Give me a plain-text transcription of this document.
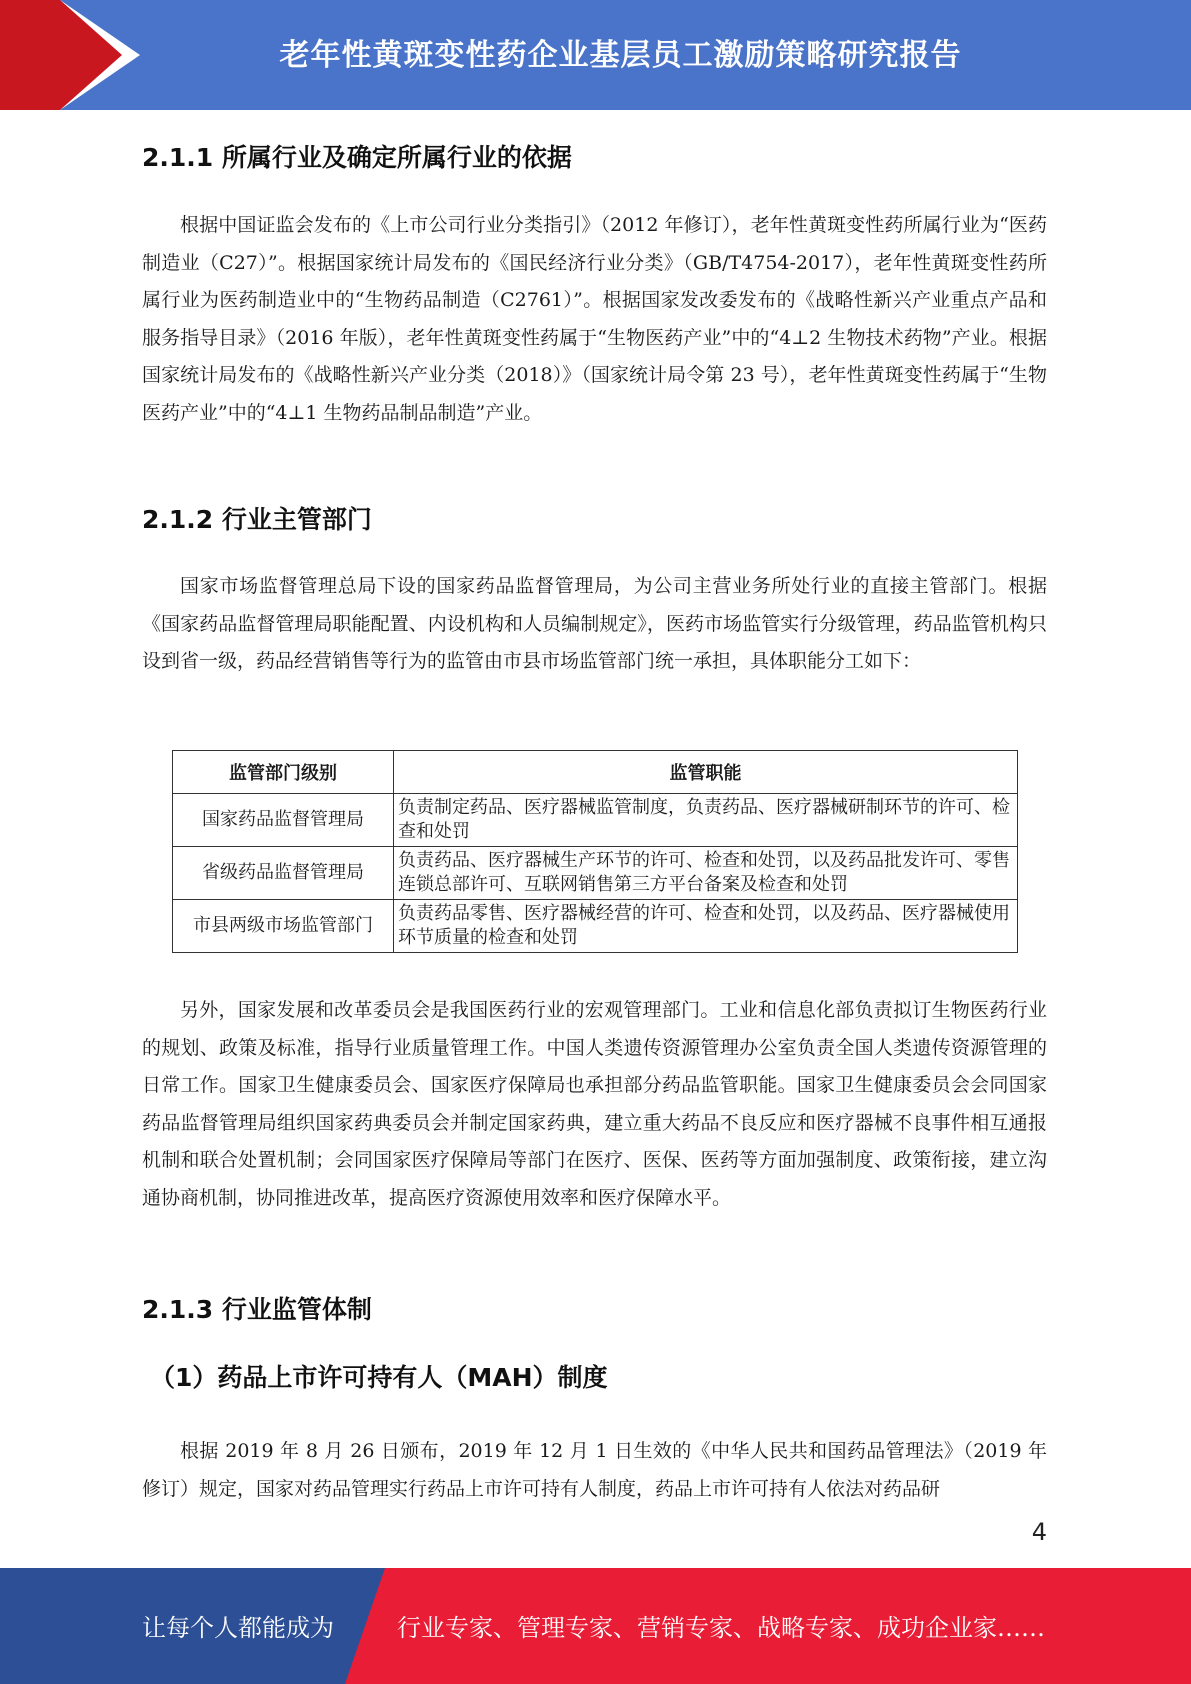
老年性黄斑变性药企业基层员工激励策略研究报告
2.1.1 所属行业及确定所属行业的依据

根据中国证监会发布的《上市公司行业分类指引》（2012 年修订），老年性黄斑变性药所属行业为“医药制造业（C27）”。根据国家统计局发布的《国民经济行业分类》（GB/T4754-2017），老年性黄斑变性药所属行业为医药制造业中的“生物药品制造（C2761）”。根据国家发改委发布的《战略性新兴产业重点产品和服务指导目录》（2016 年版），老年性黄斑变性药属于“生物医药产业”中的“4⊥2 生物技术药物”产业。根据国家统计局发布的《战略性新兴产业分类（2018）》（国家统计局令第 23 号），老年性黄斑变性药属于“生物医药产业”中的“4⊥1 生物药品制品制造”产业。

2.1.2 行业主管部门

国家市场监督管理总局下设的国家药品监督管理局，为公司主营业务所处行业的直接主管部门。根据《国家药品监督管理局职能配置、内设机构和人员编制规定》，医药市场监管实行分级管理，药品监管机构只设到省一级，药品经营销售等行为的监管由市县市场监管部门统一承担，具体职能分工如下：

监管部门级别	监管职能
国家药品监督管理局	负责制定药品、医疗器械监管制度，负责药品、医疗器械研制环节的许可、检查和处罚
省级药品监督管理局	负责药品、医疗器械生产环节的许可、检查和处罚，以及药品批发许可、零售连锁总部许可、互联网销售第三方平台备案及检查和处罚
市县两级市场监管部门	负责药品零售、医疗器械经营的许可、检查和处罚，以及药品、医疗器械使用环节质量的检查和处罚

另外，国家发展和改革委员会是我国医药行业的宏观管理部门。工业和信息化部负责拟订生物医药行业的规划、政策及标准，指导行业质量管理工作。中国人类遗传资源管理办公室负责全国人类遗传资源管理的日常工作。国家卫生健康委员会、国家医疗保障局也承担部分药品监管职能。国家卫生健康委员会会同国家药品监督管理局组织国家药典委员会并制定国家药典，建立重大药品不良反应和医疗器械不良事件相互通报机制和联合处置机制；会同国家医疗保障局等部门在医疗、医保、医药等方面加强制度、政策衔接，建立沟通协商机制，协同推进改革，提高医疗资源使用效率和医疗保障水平。

2.1.3 行业监管体制
（1）药品上市许可持有人（MAH）制度

根据 2019 年 8 月 26 日颁布，2019 年 12 月 1 日生效的《中华人民共和国药品管理法》（2019 年修订）规定，国家对药品管理实行药品上市许可持有人制度，药品上市许可持有人依法对药品研

4
让每个人都能成为	行业专家、管理专家、营销专家、战略专家、成功企业家……
